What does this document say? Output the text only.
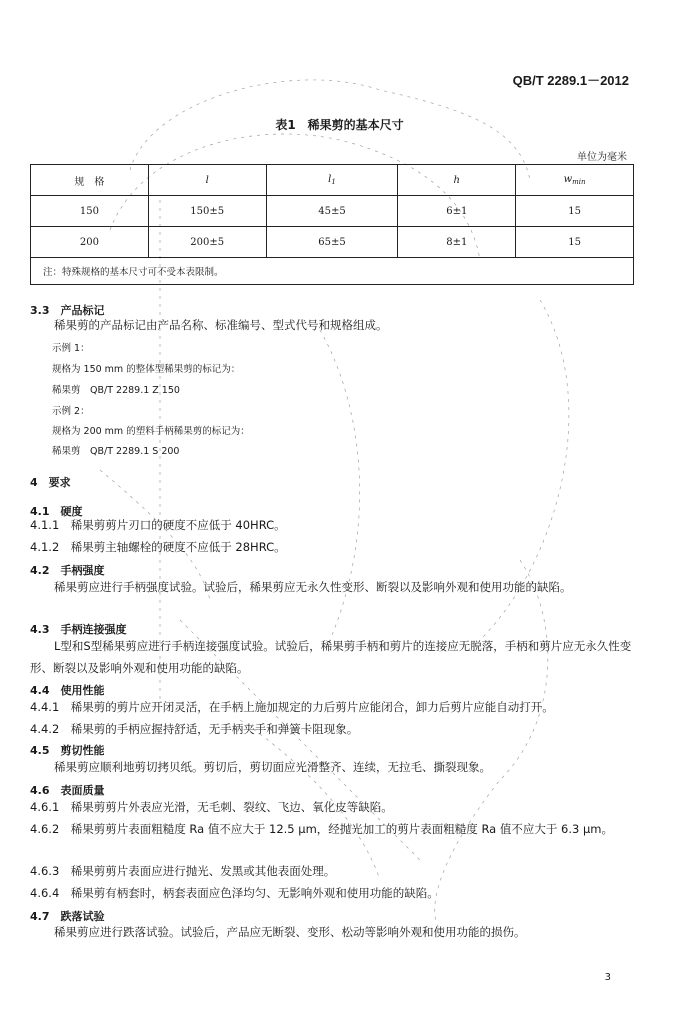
QB/T 2289.1－2012
表1　稀果剪的基本尺寸
单位为毫米
规　格	l	$l_1$	h	$w_{min}$
150	150±5	45±5	6±1	15
200	200±5	65±5	8±1	15
注：特殊规格的基本尺寸可不受本表限制。				
3.3　产品标记
稀果剪的产品标记由产品名称、标准编号、型式代号和规格组成。
示例 1：
规格为 150 mm 的整体型稀果剪的标记为：
稀果剪　QB/T 2289.1 Z 150
示例 2：
规格为 200 mm 的塑料手柄稀果剪的标记为：
稀果剪　QB/T 2289.1 S 200
4　要求
4.1　硬度
4.1.1　 稀果剪剪片刃口的硬度不应低于 40HRC。
4.1.2　 稀果剪主轴螺栓的硬度不应低于 28HRC。
4.2　手柄强度
稀果剪应进行手柄强度试验。试验后，稀果剪应无永久性变形、断裂以及影响外观和使用功能的缺陷。
4.3　手柄连接强度
L型和S型稀果剪应进行手柄连接强度试验。试验后，稀果剪手柄和剪片的连接应无脱落，手柄和剪片应无永久性变形、断裂以及影响外观和使用功能的缺陷。
4.4　使用性能
4.4.1　 稀果剪的剪片应开闭灵活，在手柄上施加规定的力后剪片应能闭合，卸力后剪片应能自动打开。
4.4.2　 稀果剪的手柄应握持舒适，无手柄夹手和弹簧卡阻现象。
4.5　剪切性能
稀果剪应顺利地剪切拷贝纸。剪切后，剪切面应光滑整齐、连续，无拉毛、撕裂现象。
4.6　表面质量
4.6.1　 稀果剪剪片外表应光滑，无毛刺、裂纹、飞边、氧化皮等缺陷。
4.6.2　 稀果剪剪片表面粗糙度 Ra 值不应大于 12.5 μm，经抛光加工的剪片表面粗糙度 Ra 值不应大于 6.3 μm。
4.6.3　 稀果剪剪片表面应进行抛光、发黑或其他表面处理。
4.6.4　 稀果剪有柄套时，柄套表面应色泽均匀、无影响外观和使用功能的缺陷。
4.7　跌落试验
稀果剪应进行跌落试验。试验后，产品应无断裂、变形、松动等影响外观和使用功能的损伤。
3
